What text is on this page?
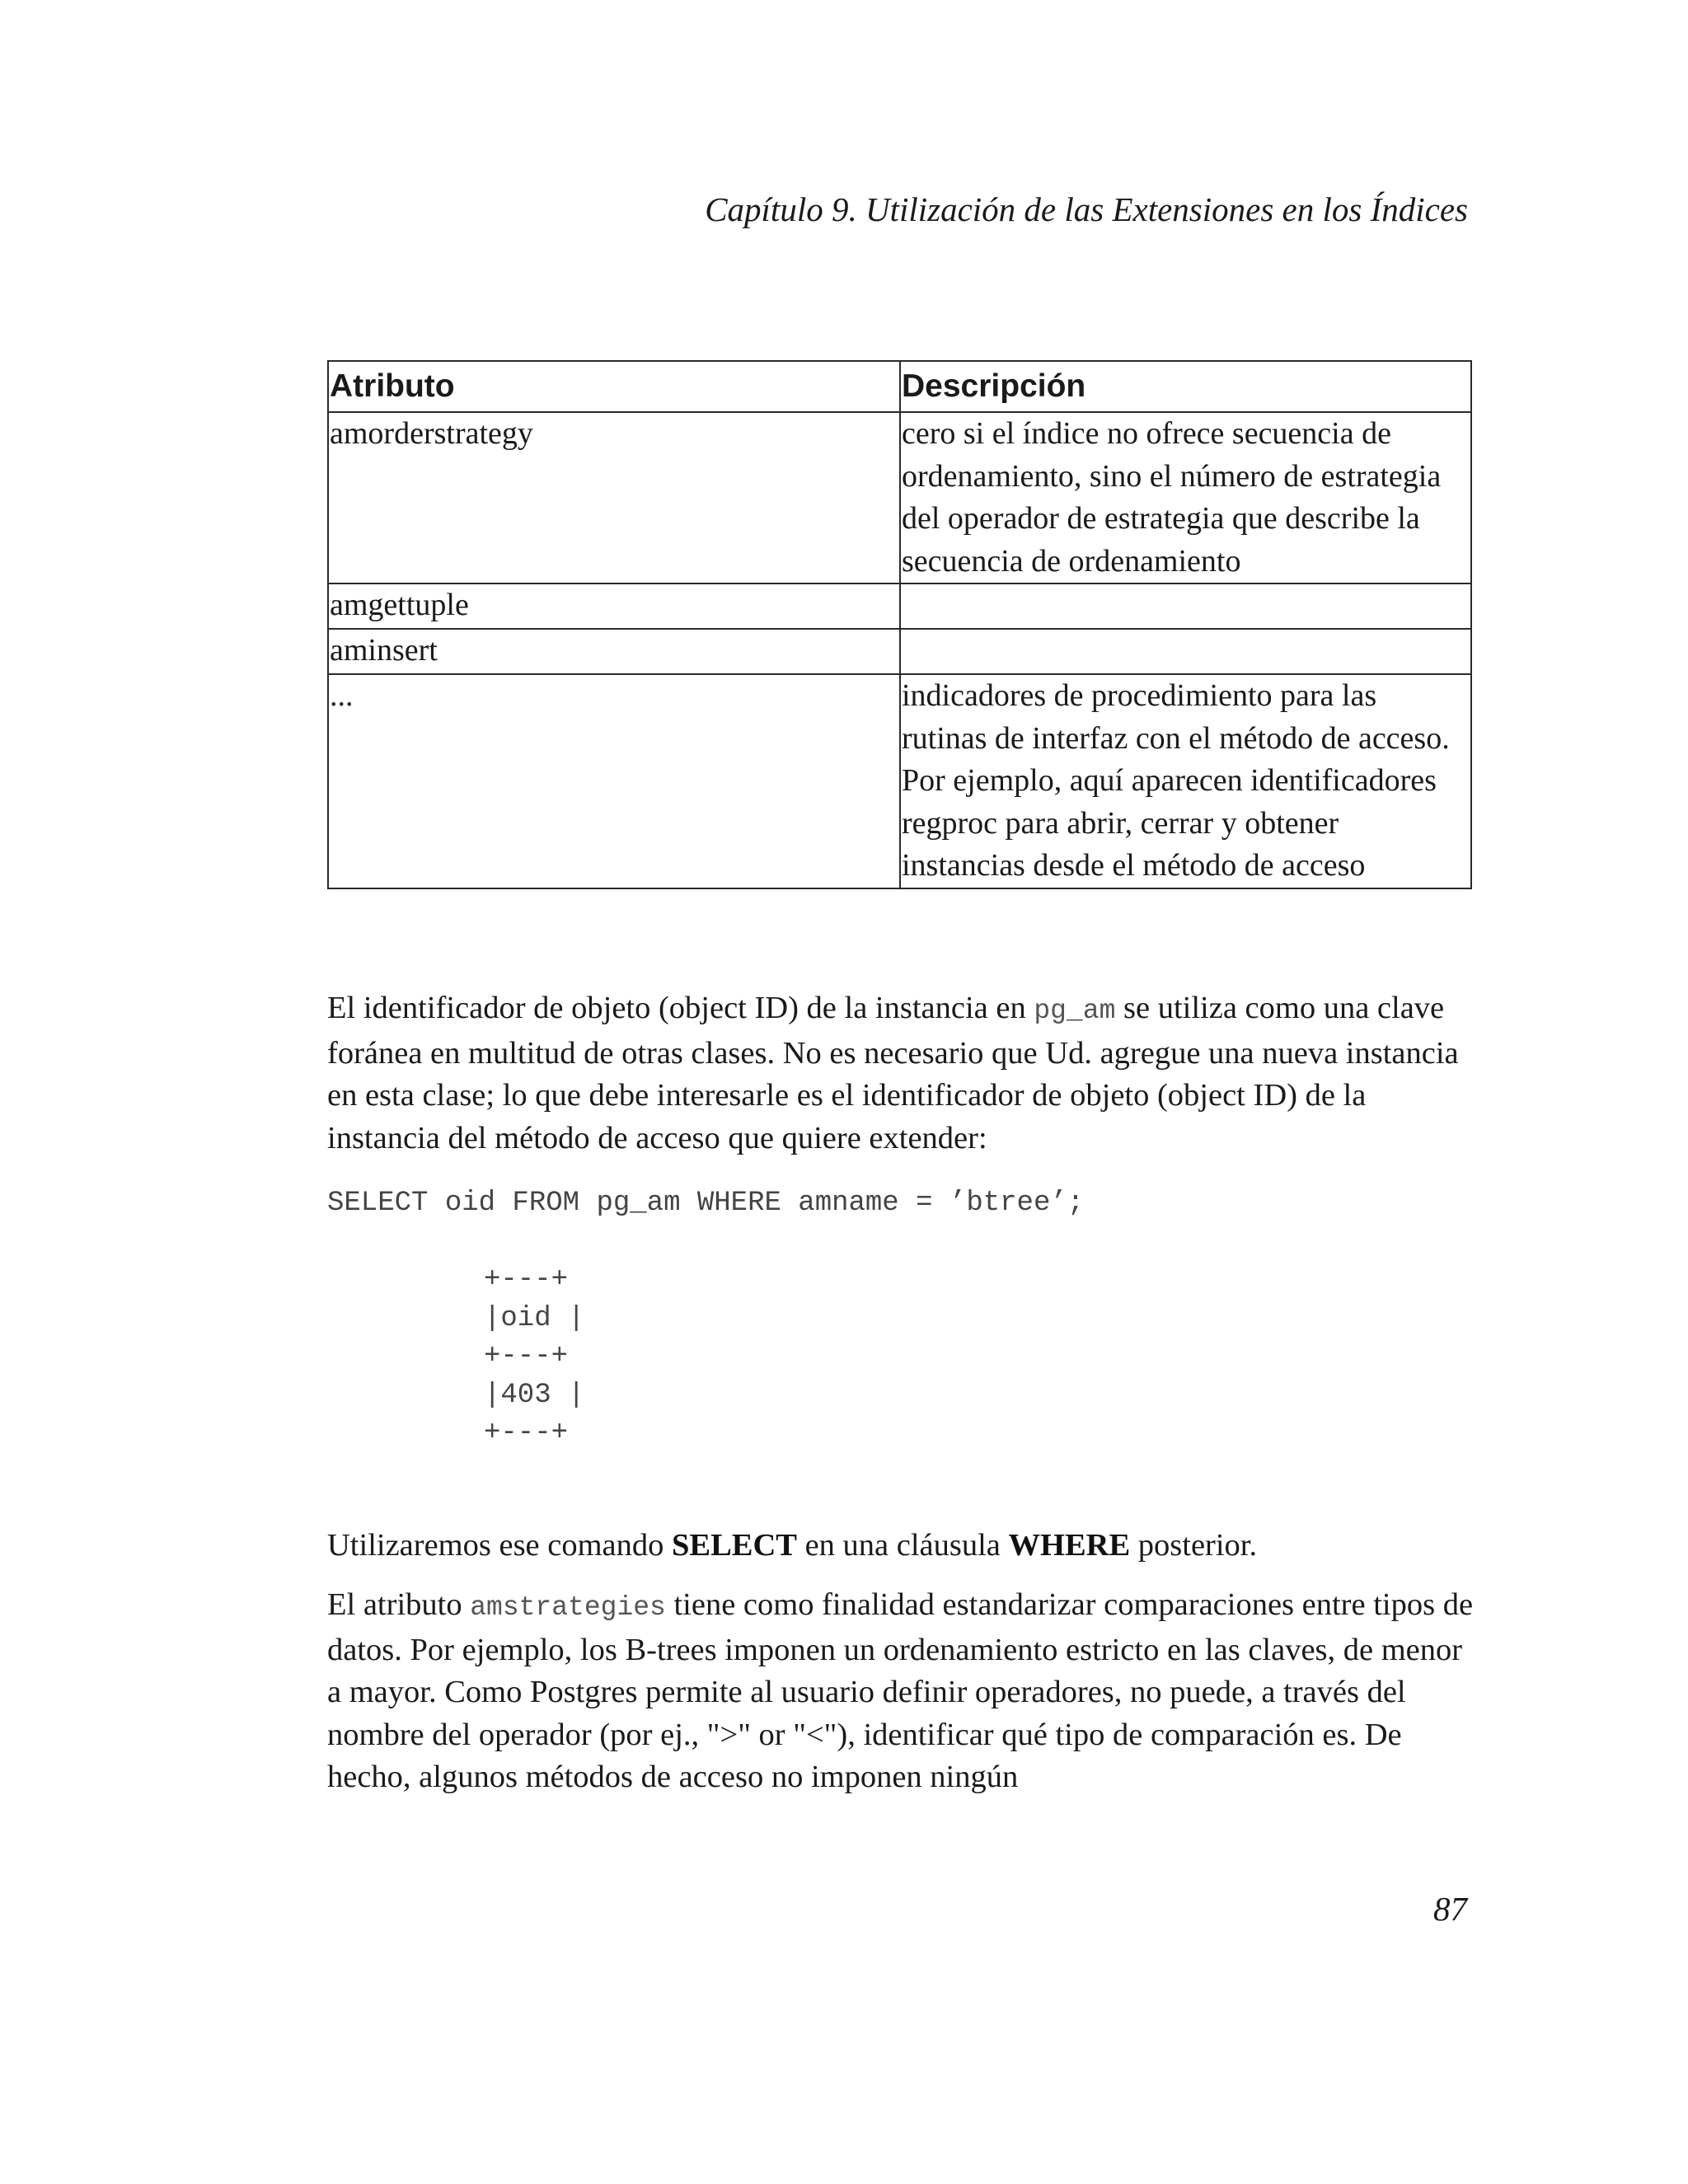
Capítulo 9. Utilización de las Extensiones en los Índices
Atributo	Descripción
amorderstrategy	cero si el índice no ofrece secuencia de ordenamiento, sino el número de estrategia del operador de estrategia que describe la secuencia de ordenamiento
amgettuple	
aminsert	
...	indicadores de procedimiento para las rutinas de interfaz con el método de acceso. Por ejemplo, aquí aparecen identificadores regproc para abrir, cerrar y obtener instancias desde el método de acceso

El identificador de objeto (object ID) de la instancia en pg_am se utiliza como una clave foránea en multitud de otras clases. No es necesario que Ud. agregue una nueva instancia en esta clase; lo que debe interesarle es el identificador de objeto (object ID) de la instancia del método de acceso que quiere extender:

SELECT oid FROM pg_am WHERE amname = ’btree’;
+---+
|oid |
+---+
|403 |
+---+

Utilizaremos ese comando SELECT en una cláusula WHERE posterior.

El atributo amstrategies tiene como finalidad estandarizar comparaciones entre tipos de datos. Por ejemplo, los B-trees imponen un ordenamiento estricto en las claves, de menor a mayor. Como Postgres permite al usuario definir operadores, no puede, a través del nombre del operador (por ej., ">" or "<"), identificar qué tipo de comparación es. De hecho, algunos métodos de acceso no imponen ningún

87
